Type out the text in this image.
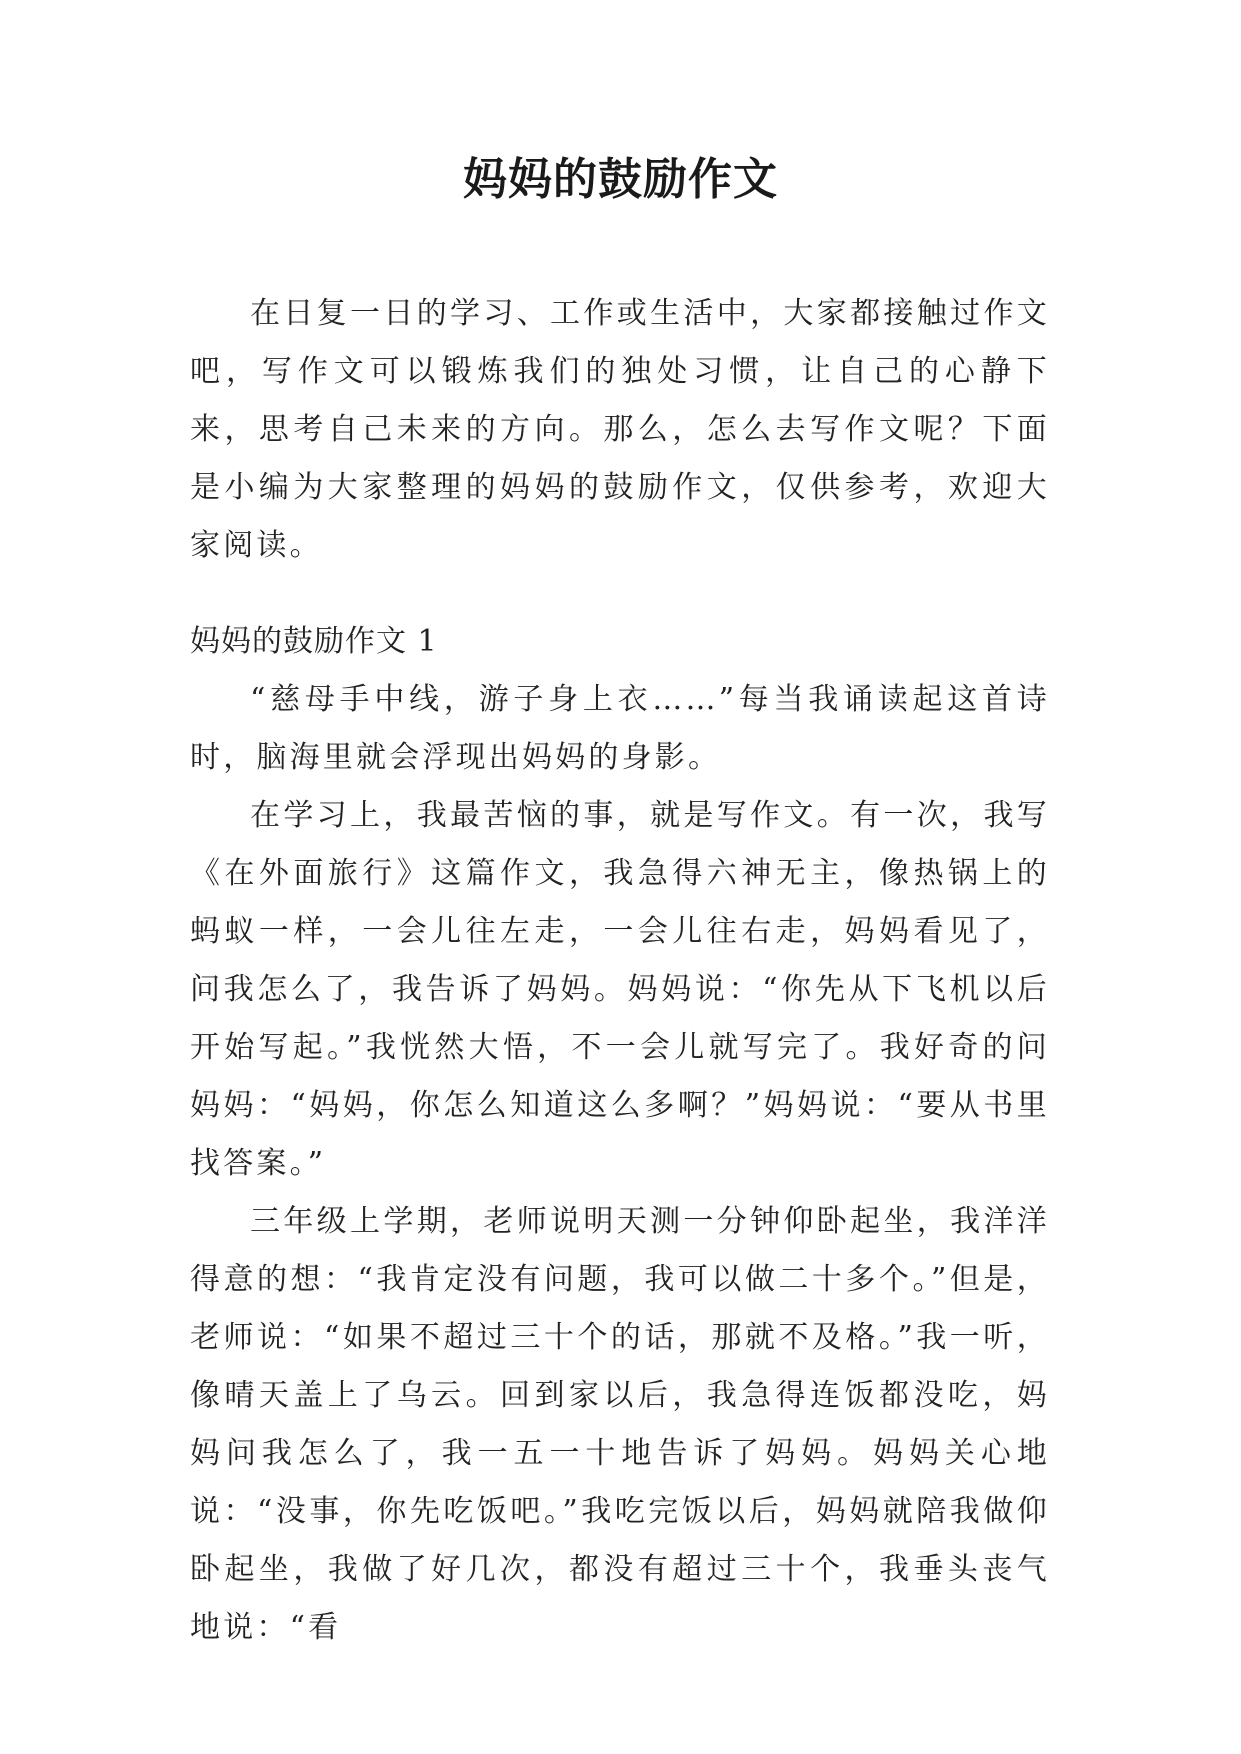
妈妈的鼓励作文

在日复一日的学习、工作或生活中，大家都接触过作文吧，写作文可以锻炼我们的独处习惯，让自己的心静下来，思考自己未来的方向。那么，怎么去写作文呢？下面是小编为大家整理的妈妈的鼓励作文，仅供参考，欢迎大家阅读。

妈妈的鼓励作文 1

“慈母手中线，游子身上衣……”每当我诵读起这首诗时，脑海里就会浮现出妈妈的身影。

在学习上，我最苦恼的事，就是写作文。有一次，我写《在外面旅行》这篇作文，我急得六神无主，像热锅上的蚂蚁一样，一会儿往左走，一会儿往右走，妈妈看见了，问我怎么了，我告诉了妈妈。妈妈说：“你先从下飞机以后开始写起。”我恍然大悟，不一会儿就写完了。我好奇的问妈妈：“妈妈，你怎么知道这么多啊？”妈妈说：“要从书里找答案。”

三年级上学期，老师说明天测一分钟仰卧起坐，我洋洋得意的想：“我肯定没有问题，我可以做二十多个。”但是，老师说：“如果不超过三十个的话，那就不及格。”我一听，像晴天盖上了乌云。回到家以后，我急得连饭都没吃，妈妈问我怎么了，我一五一十地告诉了妈妈。妈妈关心地说：“没事，你先吃饭吧。”我吃完饭以后，妈妈就陪我做仰卧起坐，我做了好几次，都没有超过三十个，我垂头丧气地说：“看
